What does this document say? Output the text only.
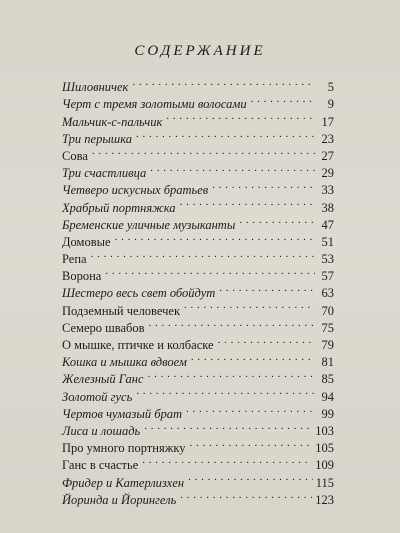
СОДЕРЖАНИЕ
Шиловничек . . .	5
Черт с тремя золотыми волосами . . .	9
Мальчик-с-пальчик . . .	17
Три перышка . . .	23
Сова . . .	27
Три счастливца . . .	29
Четверо искусных братьев . . .	33
Храбрый портняжка . . .	38
Бременские уличные музыканты . . .	47
Домовые . . .	51
Репа . . .	53
Ворона . . .	57
Шестеро весь свет обойдут . . .	63
Подземный человечек . . .	70
Семеро швабов . . .	75
О мышке, птичке и колбаске . . .	79
Кошка и мышка вдвоем . . .	81
Железный Ганс . . .	85
Золотой гусь . . .	94
Чертов чумазый брат . . .	99
Лиса и лошадь . . .	103
Про умного портняжку . . .	105
Ганс в счастье . . .	109
Фридер и Катерлизхен . . .	115
Йоринда и Йорингель . . .	123
